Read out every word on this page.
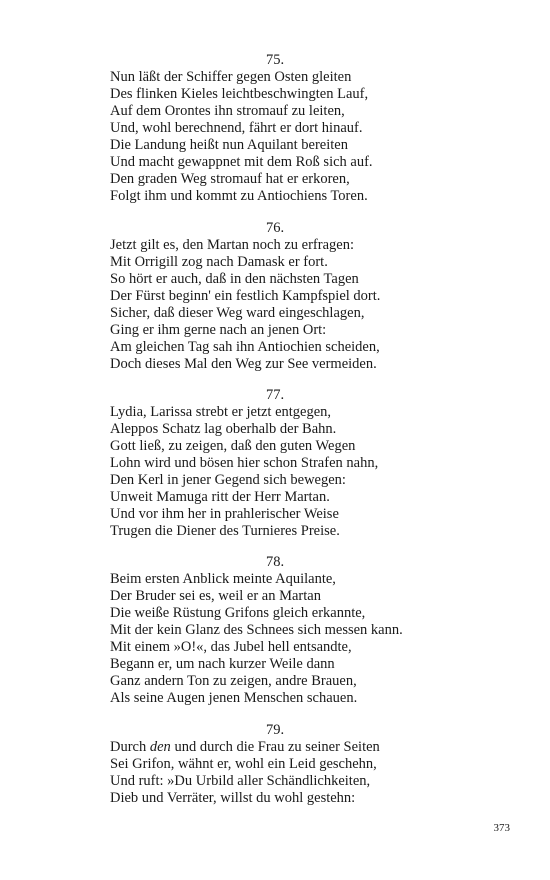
75.
Nun läßt der Schiffer gegen Osten gleiten
Des flinken Kieles leichtbeschwingten Lauf,
Auf dem Orontes ihn stromauf zu leiten,
Und, wohl berechnend, fährt er dort hinauf.
Die Landung heißt nun Aquilant bereiten
Und macht gewappnet mit dem Roß sich auf.
Den graden Weg stromauf hat er erkoren,
Folgt ihm und kommt zu Antiochiens Toren.
76.
Jetzt gilt es, den Martan noch zu erfragen:
Mit Orrigill zog nach Damask er fort.
So hört er auch, daß in den nächsten Tagen
Der Fürst beginn' ein festlich Kampfspiel dort.
Sicher, daß dieser Weg ward eingeschlagen,
Ging er ihm gerne nach an jenen Ort:
Am gleichen Tag sah ihn Antiochien scheiden,
Doch dieses Mal den Weg zur See vermeiden.
77.
Lydia, Larissa strebt er jetzt entgegen,
Aleppos Schatz lag oberhalb der Bahn.
Gott ließ, zu zeigen, daß den guten Wegen
Lohn wird und bösen hier schon Strafen nahn,
Den Kerl in jener Gegend sich bewegen:
Unweit Mamuga ritt der Herr Martan.
Und vor ihm her in prahlerischer Weise
Trugen die Diener des Turnieres Preise.
78.
Beim ersten Anblick meinte Aquilante,
Der Bruder sei es, weil er an Martan
Die weiße Rüstung Grifons gleich erkannte,
Mit der kein Glanz des Schnees sich messen kann.
Mit einem »O!«, das Jubel hell entsandte,
Begann er, um nach kurzer Weile dann
Ganz andern Ton zu zeigen, andre Brauen,
Als seine Augen jenen Menschen schauen.
79.
Durch den und durch die Frau zu seiner Seiten
Sei Grifon, wähnt er, wohl ein Leid geschehn,
Und ruft: »Du Urbild aller Schändlichkeiten,
Dieb und Verräter, willst du wohl gestehn:
373
